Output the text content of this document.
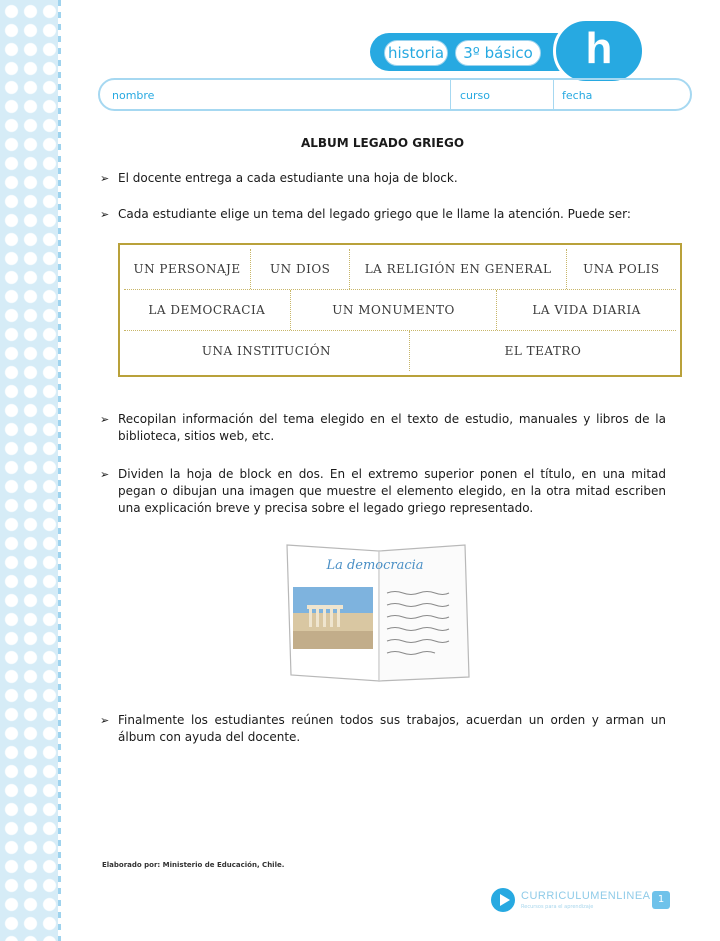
historia	3º básico	h
nombre	curso	fecha
ALBUM LEGADO GRIEGO
➢ El docente entrega a cada estudiante una hoja de block.
➢ Cada estudiante elige un tema del legado griego que le llame la atención. Puede ser:
UN PERSONAJE	UN DIOS	LA RELIGIÓN EN GENERAL	UNA POLIS
LA DEMOCRACIA	UN MONUMENTO	LA VIDA DIARIA
UNA INSTITUCIÓN	EL TEATRO
➢ Recopilan información del tema elegido en el texto de estudio, manuales y libros de la biblioteca, sitios web, etc.
➢ Dividen la hoja de block en dos. En el extremo superior ponen el título, en una mitad pegan o dibujan una imagen que muestre el elemento elegido, en la otra mitad escriben una explicación breve y precisa sobre el legado griego representado.
La democracia
➢ Finalmente los estudiantes reúnen todos sus trabajos, acuerdan un orden y arman un álbum con ayuda del docente.
Elaborado por: Ministerio de Educación, Chile.
CURRICULUMENLINEA
Recursos para el aprendizaje
1
